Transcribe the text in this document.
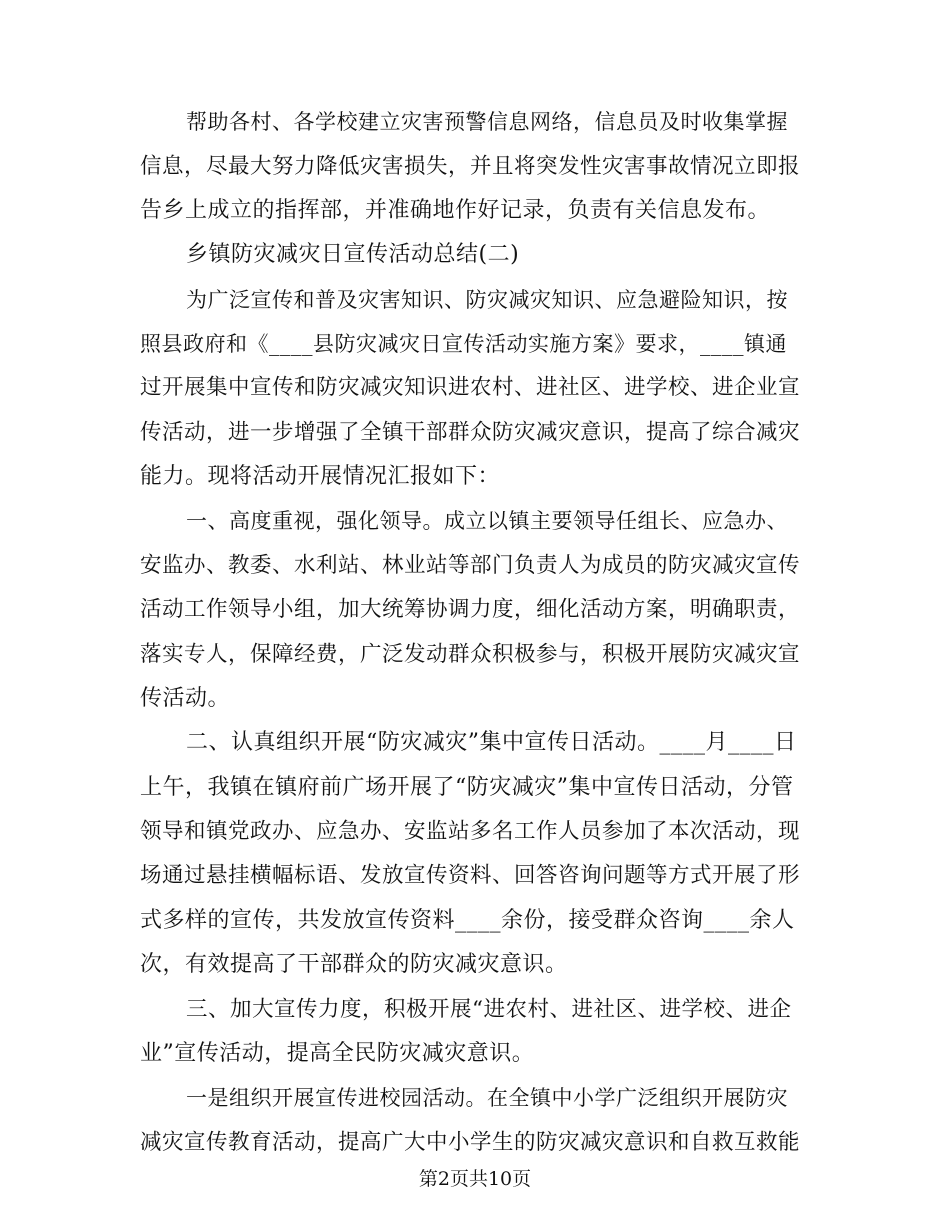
帮助各村、各学校建立灾害预警信息网络，信息员及时收集掌握
信息，尽最大努力降低灾害损失，并且将突发性灾害事故情况立即报
告乡上成立的指挥部，并准确地作好记录，负责有关信息发布。
乡镇防灾减灾日宣传活动总结(二)
为广泛宣传和普及灾害知识、防灾减灾知识、应急避险知识，按
照县政府和《____县防灾减灾日宣传活动实施方案》要求，____镇通
过开展集中宣传和防灾减灾知识进农村、进社区、进学校、进企业宣
传活动，进一步增强了全镇干部群众防灾减灾意识，提高了综合减灾
能力。现将活动开展情况汇报如下：
一、高度重视，强化领导。成立以镇主要领导任组长、应急办、
安监办、教委、水利站、林业站等部门负责人为成员的防灾减灾宣传
活动工作领导小组，加大统筹协调力度，细化活动方案，明确职责，
落实专人，保障经费，广泛发动群众积极参与，积极开展防灾减灾宣
传活动。
二、认真组织开展“防灾减灾”集中宣传日活动。____月____日
上午，我镇在镇府前广场开展了“防灾减灾”集中宣传日活动，分管
领导和镇党政办、应急办、安监站多名工作人员参加了本次活动，现
场通过悬挂横幅标语、发放宣传资料、回答咨询问题等方式开展了形
式多样的宣传，共发放宣传资料____余份，接受群众咨询____余人
次，有效提高了干部群众的防灾减灾意识。
三、加大宣传力度，积极开展“进农村、进社区、进学校、进企
业”宣传活动，提高全民防灾减灾意识。
一是组织开展宣传进校园活动。在全镇中小学广泛组织开展防灾
减灾宣传教育活动，提高广大中小学生的防灾减灾意识和自救互救能
第2页共10页
